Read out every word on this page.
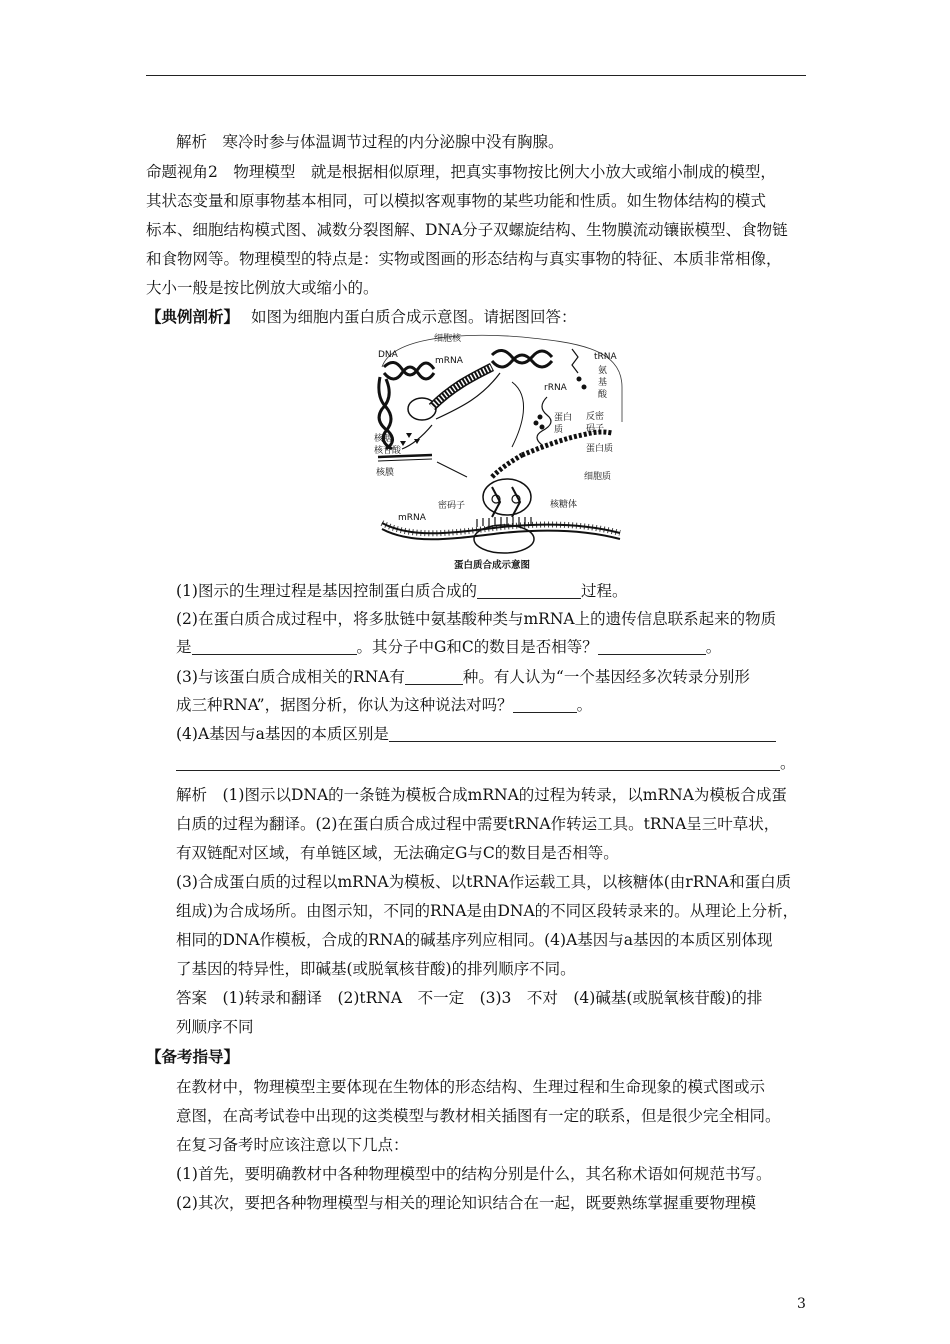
解析　寒冷时参与体温调节过程的内分泌腺中没有胸腺。
命题视角2　物理模型　就是根据相似原理，把真实事物按比例大小放大或缩小制成的模型，
其状态变量和原事物基本相同，可以模拟客观事物的某些功能和性质。如生物体结构的模式
标本、细胞结构模式图、减数分裂图解、DNA分子双螺旋结构、生物膜流动镶嵌模型、食物链
和食物网等。物理模型的特点是：实物或图画的形态结构与真实事物的特征、本质非常相像，
大小一般是按比例放大或缩小的。
【典例剖析】 如图为细胞内蛋白质合成示意图。请据图回答：
细胞核
DNA
mRNA	tRNA
氨
基
酸
rRNA
蛋白
质
反密
码子
蛋白质
核糖
核苷酸
核膜	细胞质
密码子	核糖体
mRNA
蛋白质合成示意图
(1)图示的生理过程是基因控制蛋白质合成的	过程。
(2)在蛋白质合成过程中，将多肽链中氨基酸种类与mRNA上的遗传信息联系起来的物质
是	。其分子中G和C的数目是否相等？	。
(3)与该蛋白质合成相关的RNA有	种。有人认为“一个基因经多次转录分别形
成三种RNA”，据图分析，你认为这种说法对吗？	。
(4)A基因与a基因的本质区别是
。
解析　(1)图示以DNA的一条链为模板合成mRNA的过程为转录，以mRNA为模板合成蛋
白质的过程为翻译。(2)在蛋白质合成过程中需要tRNA作转运工具。tRNA呈三叶草状，
有双链配对区域，有单链区域，无法确定G与C的数目是否相等。
(3)合成蛋白质的过程以mRNA为模板、以tRNA作运载工具，以核糖体(由rRNA和蛋白质
组成)为合成场所。由图示知，不同的RNA是由DNA的不同区段转录来的。从理论上分析，
相同的DNA作模板，合成的RNA的碱基序列应相同。(4)A基因与a基因的本质区别体现
了基因的特异性，即碱基(或脱氧核苷酸)的排列顺序不同。
答案　(1)转录和翻译　(2)tRNA　不一定　(3)3　不对　(4)碱基(或脱氧核苷酸)的排
列顺序不同
【备考指导】
在教材中，物理模型主要体现在生物体的形态结构、生理过程和生命现象的模式图或示
意图，在高考试卷中出现的这类模型与教材相关插图有一定的联系，但是很少完全相同。
在复习备考时应该注意以下几点：
(1)首先，要明确教材中各种物理模型中的结构分别是什么，其名称术语如何规范书写。
(2)其次，要把各种物理模型与相关的理论知识结合在一起，既要熟练掌握重要物理模
3
